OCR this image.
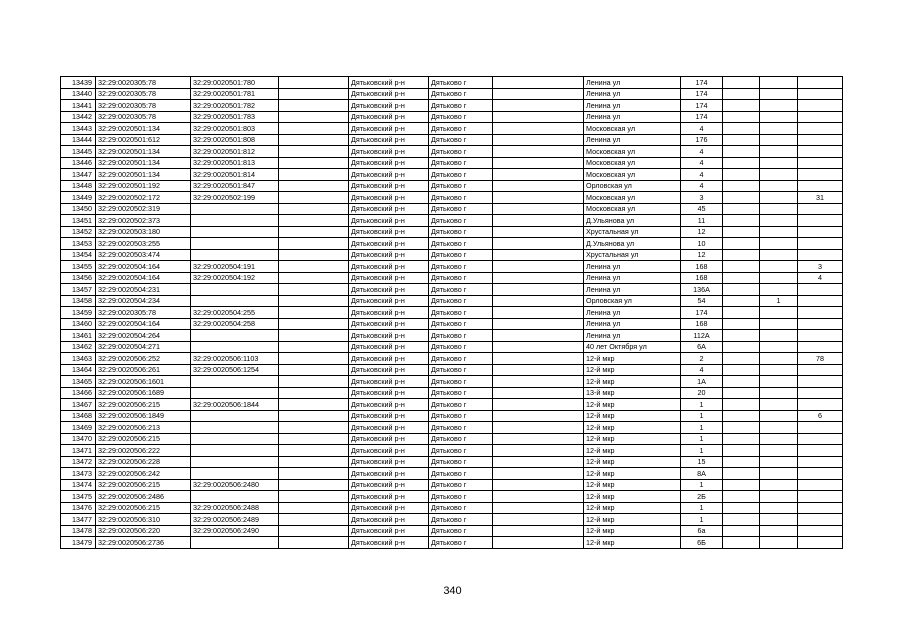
13439	32:29:0020305:78	32:29:0020501:780		Дятьковский р-н	Дятьково г		Ленина ул	174			
13440	32:29:0020305:78	32:29:0020501:781		Дятьковский р-н	Дятьково г		Ленина ул	174			
13441	32:29:0020305:78	32:29:0020501:782		Дятьковский р-н	Дятьково г		Ленина ул	174			
13442	32:29:0020305:78	32:29:0020501:783		Дятьковский р-н	Дятьково г		Ленина ул	174			
13443	32:29:0020501:134	32:29:0020501:803		Дятьковский р-н	Дятьково г		Московская ул	4			
13444	32:29:0020501:612	32:29:0020501:808		Дятьковский р-н	Дятьково г		Ленина ул	176			
13445	32:29:0020501:134	32:29:0020501:812		Дятьковский р-н	Дятьково г		Московская ул	4			
13446	32:29:0020501:134	32:29:0020501:813		Дятьковский р-н	Дятьково г		Московская ул	4			
13447	32:29:0020501:134	32:29:0020501:814		Дятьковский р-н	Дятьково г		Московская ул	4			
13448	32:29:0020501:192	32:29:0020501:847		Дятьковский р-н	Дятьково г		Орловская ул	4			
13449	32:29:0020502:172	32:29:0020502:199		Дятьковский р-н	Дятьково г		Московская ул	3			31
13450	32:29:0020502:319			Дятьковский р-н	Дятьково г		Московская ул	45			
13451	32:29:0020502:373			Дятьковский р-н	Дятьково г		Д.Ульянова ул	11			
13452	32:29:0020503:180			Дятьковский р-н	Дятьково г		Хрустальная ул	12			
13453	32:29:0020503:255			Дятьковский р-н	Дятьково г		Д.Ульянова ул	10			
13454	32:29:0020503:474			Дятьковский р-н	Дятьково г		Хрустальная ул	12			
13455	32:29:0020504:164	32:29:0020504:191		Дятьковский р-н	Дятьково г		Ленина ул	168			3
13456	32:29:0020504:164	32:29:0020504:192		Дятьковский р-н	Дятьково г		Ленина ул	168			4
13457	32:29:0020504:231			Дятьковский р-н	Дятьково г		Ленина ул	136А			
13458	32:29:0020504:234			Дятьковский р-н	Дятьково г		Орловская ул	54		1	
13459	32:29:0020305:78	32:29:0020504:255		Дятьковский р-н	Дятьково г		Ленина ул	174			
13460	32:29:0020504:164	32:29:0020504:258		Дятьковский р-н	Дятьково г		Ленина ул	168			
13461	32:29:0020504:264			Дятьковский р-н	Дятьково г		Ленина ул	112А			
13462	32:29:0020504:271			Дятьковский р-н	Дятьково г		40 лет Октября ул	6А			
13463	32:29:0020506:252	32:29:0020506:1103		Дятьковский р-н	Дятьково г		12-й мкр	2			78
13464	32:29:0020506:261	32:29:0020506:1254		Дятьковский р-н	Дятьково г		12-й мкр	4			
13465	32:29:0020506:1601			Дятьковский р-н	Дятьково г		12-й мкр	1А			
13466	32:29:0020506:1689			Дятьковский р-н	Дятьково г		13-й мкр	20			
13467	32:29:0020506:215	32:29:0020506:1844		Дятьковский р-н	Дятьково г		12-й мкр	1			
13468	32:29:0020506:1849			Дятьковский р-н	Дятьково г		12-й мкр	1			6
13469	32:29:0020506:213			Дятьковский р-н	Дятьково г		12-й мкр	1			
13470	32:29:0020506:215			Дятьковский р-н	Дятьково г		12-й мкр	1			
13471	32:29:0020506:222			Дятьковский р-н	Дятьково г		12-й мкр	1			
13472	32:29:0020506:228			Дятьковский р-н	Дятьково г		12-й мкр	15			
13473	32:29:0020506:242			Дятьковский р-н	Дятьково г		12-й мкр	8А			
13474	32:29:0020506:215	32:29:0020506:2480		Дятьковский р-н	Дятьково г		12-й мкр	1			
13475	32:29:0020506:2486			Дятьковский р-н	Дятьково г		12-й мкр	2Б			
13476	32:29:0020506:215	32:29:0020506:2488		Дятьковский р-н	Дятьково г		12-й мкр	1			
13477	32:29:0020506:310	32:29:0020506:2489		Дятьковский р-н	Дятьково г		12-й мкр	1			
13478	32:29:0020506:220	32:29:0020506:2490		Дятьковский р-н	Дятьково г		12-й мкр	6а			
13479	32:29:0020506:2736			Дятьковский р-н	Дятьково г		12-й мкр	6Б			
340
